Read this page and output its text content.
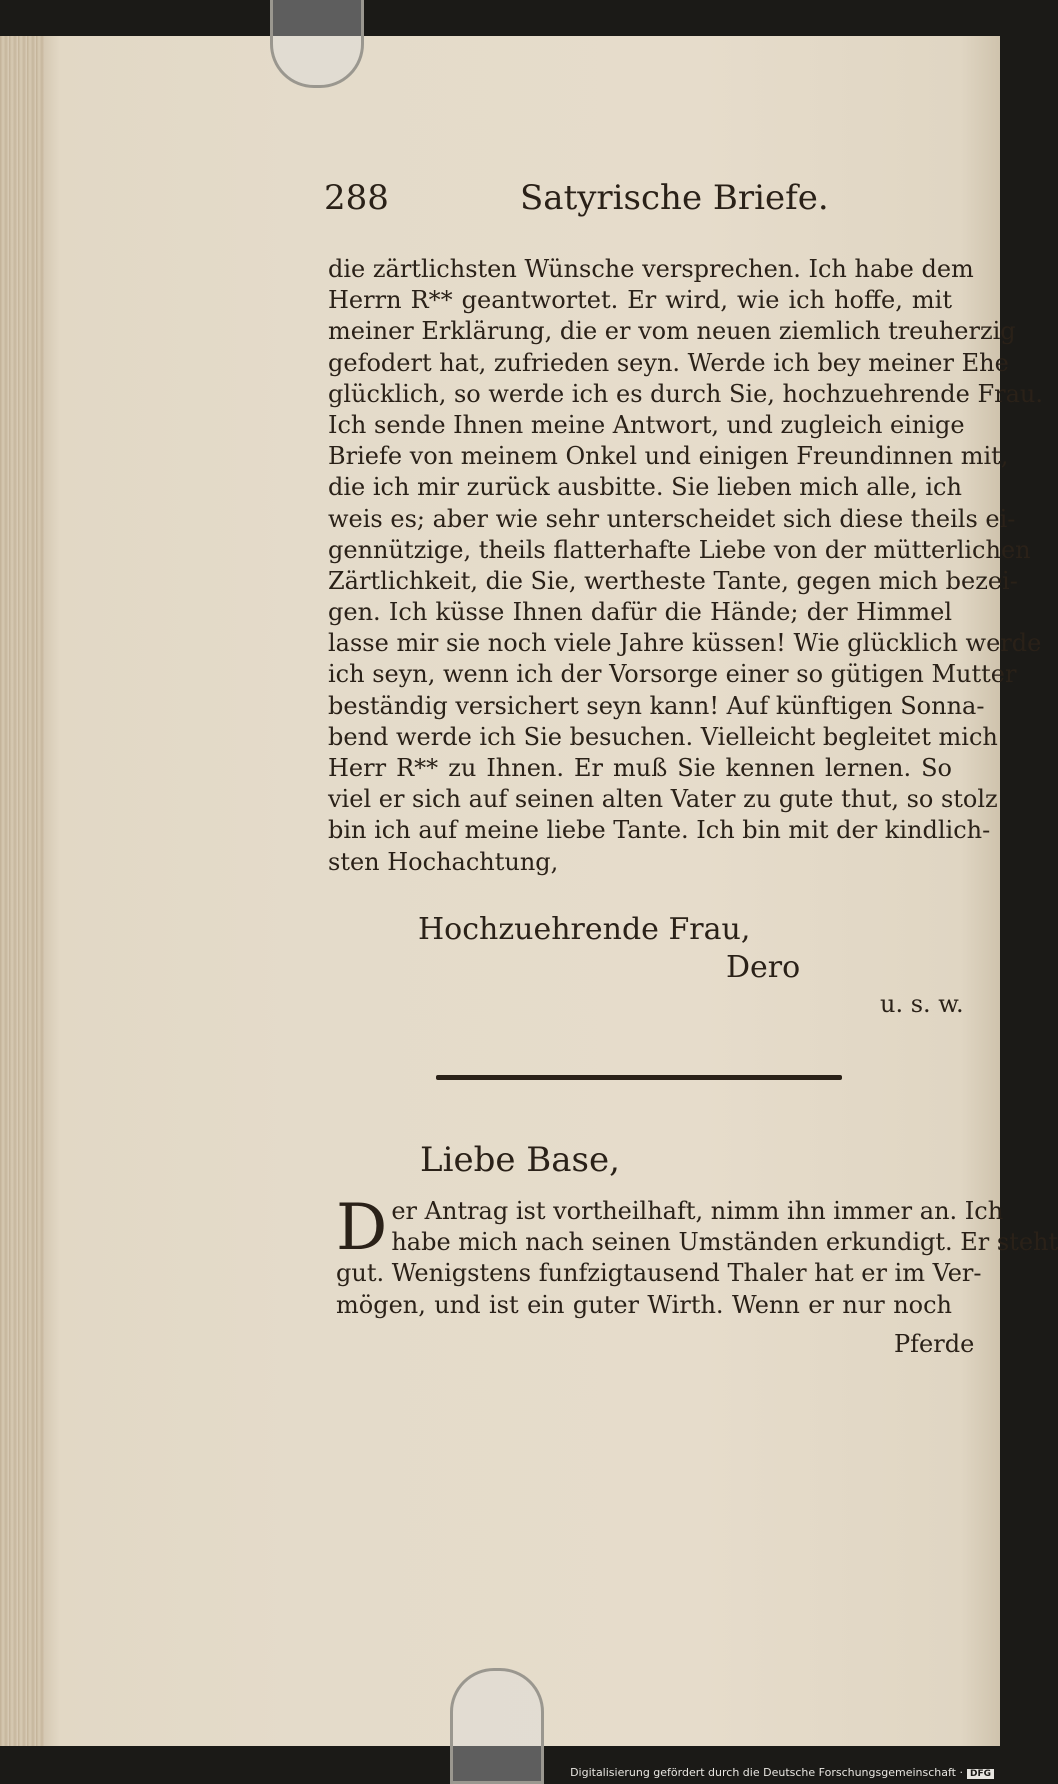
288	Satyrische Briefe.
die zärtlichsten Wünsche versprechen. Ich habe dem
Herrn R** geantwortet. Er wird, wie ich hoffe, mit
meiner Erklärung, die er vom neuen ziemlich treuherzig
gefodert hat, zufrieden seyn. Werde ich bey meiner Ehe
glücklich, so werde ich es durch Sie, hochzuehrende Frau.
Ich sende Ihnen meine Antwort, und zugleich einige
Briefe von meinem Onkel und einigen Freundinnen mit,
die ich mir zurück ausbitte. Sie lieben mich alle, ich
weis es; aber wie sehr unterscheidet sich diese theils ei-
gennützige, theils flatterhafte Liebe von der mütterlichen
Zärtlichkeit, die Sie, wertheste Tante, gegen mich bezei-
gen. Ich küsse Ihnen dafür die Hände; der Himmel
lasse mir sie noch viele Jahre küssen! Wie glücklich werde
ich seyn, wenn ich der Vorsorge einer so gütigen Mutter
beständig versichert seyn kann! Auf künftigen Sonna-
bend werde ich Sie besuchen. Vielleicht begleitet mich
Herr R** zu Ihnen. Er muß Sie kennen lernen. So
viel er sich auf seinen alten Vater zu gute thut, so stolz
bin ich auf meine liebe Tante. Ich bin mit der kindlich-
sten Hochachtung,
Hochzuehrende Frau,
Dero
u. s. w.
Liebe Base,
D er Antrag ist vortheilhaft, nimm ihn immer an. Ich
habe mich nach seinen Umständen erkundigt. Er steht
gut. Wenigstens funfzigtausend Thaler hat er im Ver-
mögen, und ist ein guter Wirth. Wenn er nur noch
Pferde
Digitalisierung gefördert durch die Deutsche Forschungsgemeinschaft · DFG
